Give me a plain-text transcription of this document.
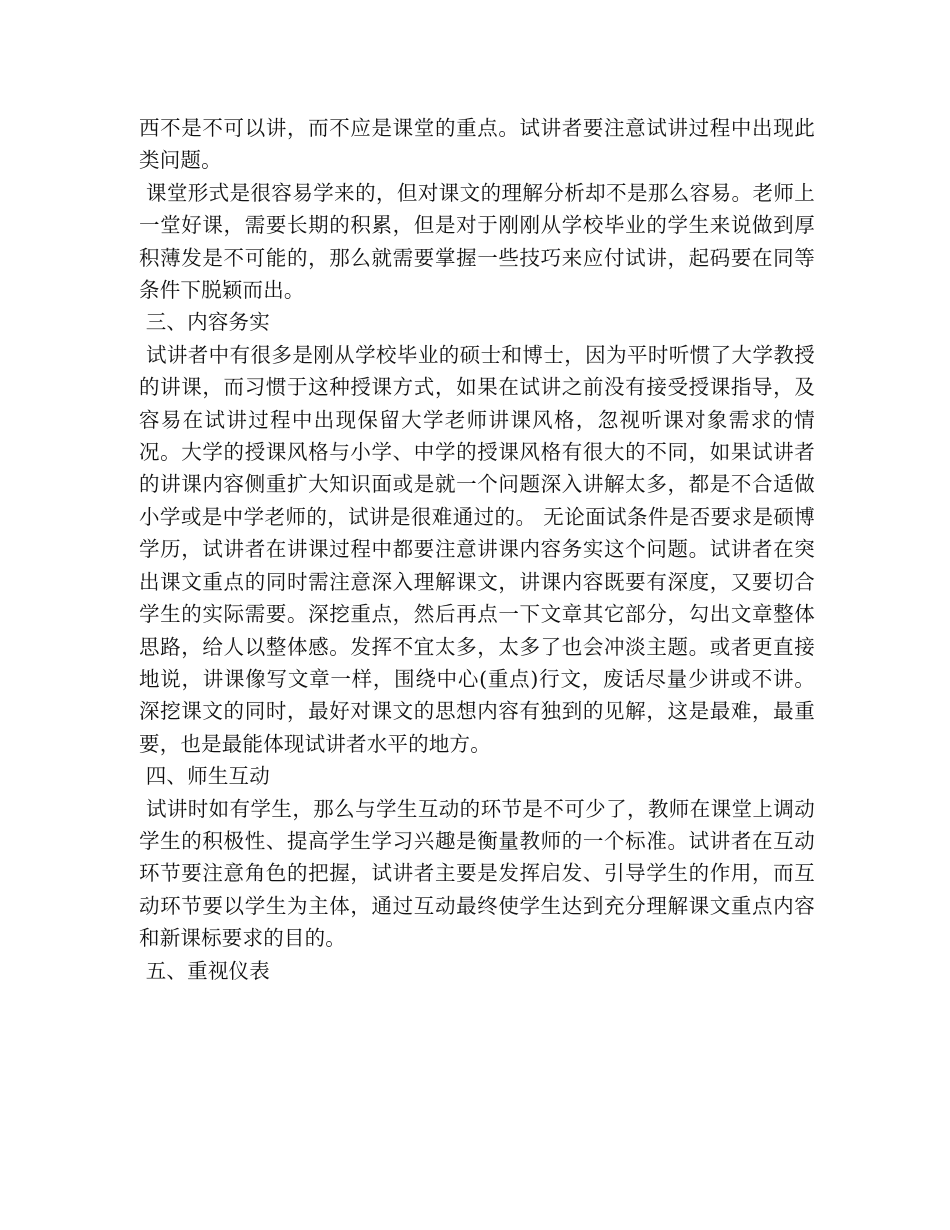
西不是不可以讲，而不应是课堂的重点。试讲者要注意试讲过程中出现此类问题。

课堂形式是很容易学来的，但对课文的理解分析却不是那么容易。老师上一堂好课，需要长期的积累，但是对于刚刚从学校毕业的学生来说做到厚积薄发是不可能的，那么就需要掌握一些技巧来应付试讲，起码要在同等条件下脱颖而出。

三、内容务实

试讲者中有很多是刚从学校毕业的硕士和博士，因为平时听惯了大学教授的讲课，而习惯于这种授课方式，如果在试讲之前没有接受授课指导，及容易在试讲过程中出现保留大学老师讲课风格，忽视听课对象需求的情况。大学的授课风格与小学、中学的授课风格有很大的不同，如果试讲者的讲课内容侧重扩大知识面或是就一个问题深入讲解太多，都是不合适做小学或是中学老师的，试讲是很难通过的。 无论面试条件是否要求是硕博学历，试讲者在讲课过程中都要注意讲课内容务实这个问题。试讲者在突出课文重点的同时需注意深入理解课文，讲课内容既要有深度，又要切合学生的实际需要。深挖重点，然后再点一下文章其它部分，勾出文章整体思路，给人以整体感。发挥不宜太多，太多了也会冲淡主题。或者更直接地说，讲课像写文章一样，围绕中心(重点)行文，废话尽量少讲或不讲。深挖课文的同时，最好对课文的思想内容有独到的见解，这是最难，最重要，也是最能体现试讲者水平的地方。

四、师生互动

试讲时如有学生，那么与学生互动的环节是不可少了，教师在课堂上调动学生的积极性、提高学生学习兴趣是衡量教师的一个标准。试讲者在互动环节要注意角色的把握，试讲者主要是发挥启发、引导学生的作用，而互动环节要以学生为主体，通过互动最终使学生达到充分理解课文重点内容和新课标要求的目的。

五、重视仪表
